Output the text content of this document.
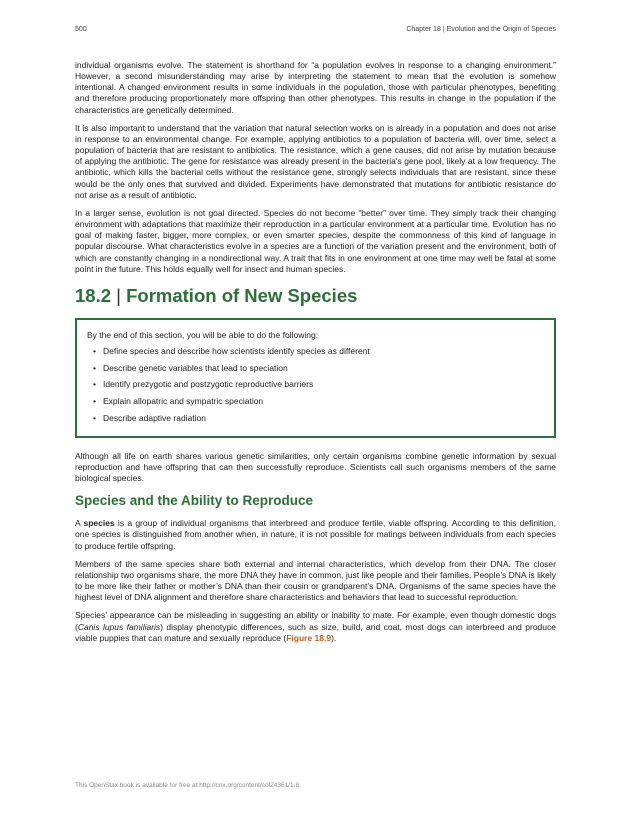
500	Chapter 18 | Evolution and the Origin of Species

individual organisms evolve. The statement is shorthand for “a population evolves in response to a changing environment.” However, a second misunderstanding may arise by interpreting the statement to mean that the evolution is somehow intentional. A changed environment results in some individuals in the population, those with particular phenotypes, benefiting and therefore producing proportionately more offspring than other phenotypes. This results in change in the population if the characteristics are genetically determined.

It is also important to understand that the variation that natural selection works on is already in a population and does not arise in response to an environmental change. For example, applying antibiotics to a population of bacteria will, over time, select a population of bacteria that are resistant to antibiotics. The resistance, which a gene causes, did not arise by mutation because of applying the antibiotic. The gene for resistance was already present in the bacteria's gene pool, likely at a low frequency. The antibiotic, which kills the bacterial cells without the resistance gene, strongly selects individuals that are resistant, since these would be the only ones that survived and divided. Experiments have demonstrated that mutations for antibiotic resistance do not arise as a result of antibiotic.

In a larger sense, evolution is not goal directed. Species do not become “better” over time. They simply track their changing environment with adaptations that maximize their reproduction in a particular environment at a particular time. Evolution has no goal of making faster, bigger, more complex, or even smarter species, despite the commonness of this kind of language in popular discourse. What characteristics evolve in a species are a function of the variation present and the environment, both of which are constantly changing in a nondirectional way. A trait that fits in one environment at one time may well be fatal at some point in the future. This holds equally well for insect and human species.

18.2 | Formation of New Species
By the end of this section, you will be able to do the following:
• Define species and describe how scientists identify species as different
• Describe genetic variables that lead to speciation
• Identify prezygotic and postzygotic reproductive barriers
• Explain allopatric and sympatric speciation
• Describe adaptive radiation

Although all life on earth shares various genetic similarities, only certain organisms combine genetic information by sexual reproduction and have offspring that can then successfully reproduce. Scientists call such organisms members of the same biological species.

Species and the Ability to Reproduce

A species is a group of individual organisms that interbreed and produce fertile, viable offspring. According to this definition, one species is distinguished from another when, in nature, it is not possible for matings between individuals from each species to produce fertile offspring.

Members of the same species share both external and internal characteristics, which develop from their DNA. The closer relationship two organisms share, the more DNA they have in common, just like people and their families. People’s DNA is likely to be more like their father or mother’s DNA than their cousin or grandparent’s DNA. Organisms of the same species have the highest level of DNA alignment and therefore share characteristics and behaviors that lead to successful reproduction.

Species’ appearance can be misleading in suggesting an ability or inability to mate. For example, even though domestic dogs (Canis lupus familiaris) display phenotypic differences, such as size, build, and coat, most dogs can interbreed and produce viable puppies that can mature and sexually reproduce (Figure 18.9).

This OpenStax book is available for free at http://cnx.org/content/col24361/1.8
